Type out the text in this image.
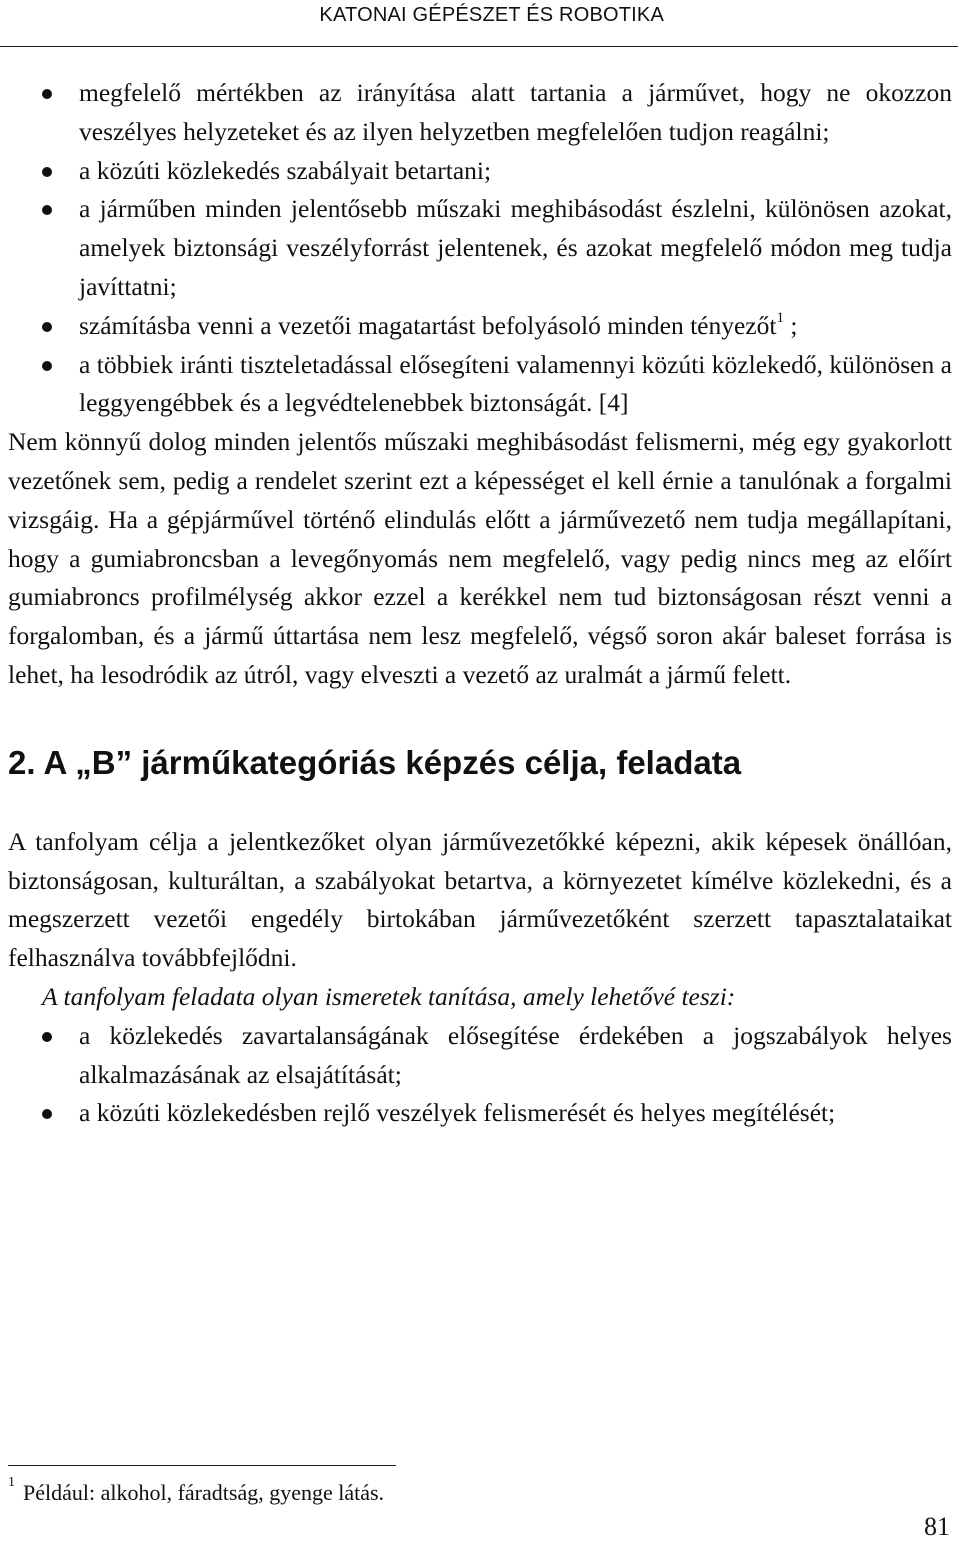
KATONAI GÉPÉSZET ÉS ROBOTIKA
megfelelő mértékben az irányítása alatt tartania a járművet, hogy ne okozzon veszélyes helyzeteket és az ilyen helyzetben megfelelően tudjon reagálni;
a közúti közlekedés szabályait betartani;
a járműben minden jelentősebb műszaki meghibásodást észlelni, különösen azokat, amelyek biztonsági veszélyforrást jelentenek, és azokat megfelelő módon meg tudja javíttatni;
számításba venni a vezetői magatartást befolyásoló minden tényezőt$^1$ ;
a többiek iránti tiszteletadással elősegíteni valamennyi közúti közlekedő, különösen a leggyengébbek és a legvédtelenebbek biztonságát. [4]

Nem könnyű dolog minden jelentős műszaki meghibásodást felismerni, még egy gyakorlott vezetőnek sem, pedig a rendelet szerint ezt a képességet el kell érnie a tanulónak a forgalmi vizsgáig. Ha a gépjárművel történő elindulás előtt a járművezető nem tudja megállapítani, hogy a gumiabroncsban a levegőnyomás nem megfelelő, vagy pedig nincs meg az előírt gumiabroncs profilmélység akkor ezzel a kerékkel nem tud biztonságosan részt venni a forgalomban, és a jármű úttartása nem lesz megfelelő, végső soron akár baleset forrása is lehet, ha lesodródik az útról, vagy elveszti a vezető az uralmát a jármű felett.

2. A „B” járműkategóriás képzés célja, feladata

A tanfolyam célja a jelentkezőket olyan járművezetőkké képezni, akik képesek önállóan, biztonságosan, kulturáltan, a szabályokat betartva, a környezetet kímélve közlekedni, és a megszerzett vezetői engedély birtokában járművezetőként szerzett tapasztalataikat felhasználva továbbfejlődni.

A tanfolyam feladata olyan ismeretek tanítása, amely lehetővé teszi:

a közlekedés zavartalanságának elősegítése érdekében a jogszabályok helyes alkalmazásának az elsajátítását;
a közúti közlekedésben rejlő veszélyek felismerését és helyes megítélését;
$^1$ Például: alkohol, fáradtság, gyenge látás.
81
